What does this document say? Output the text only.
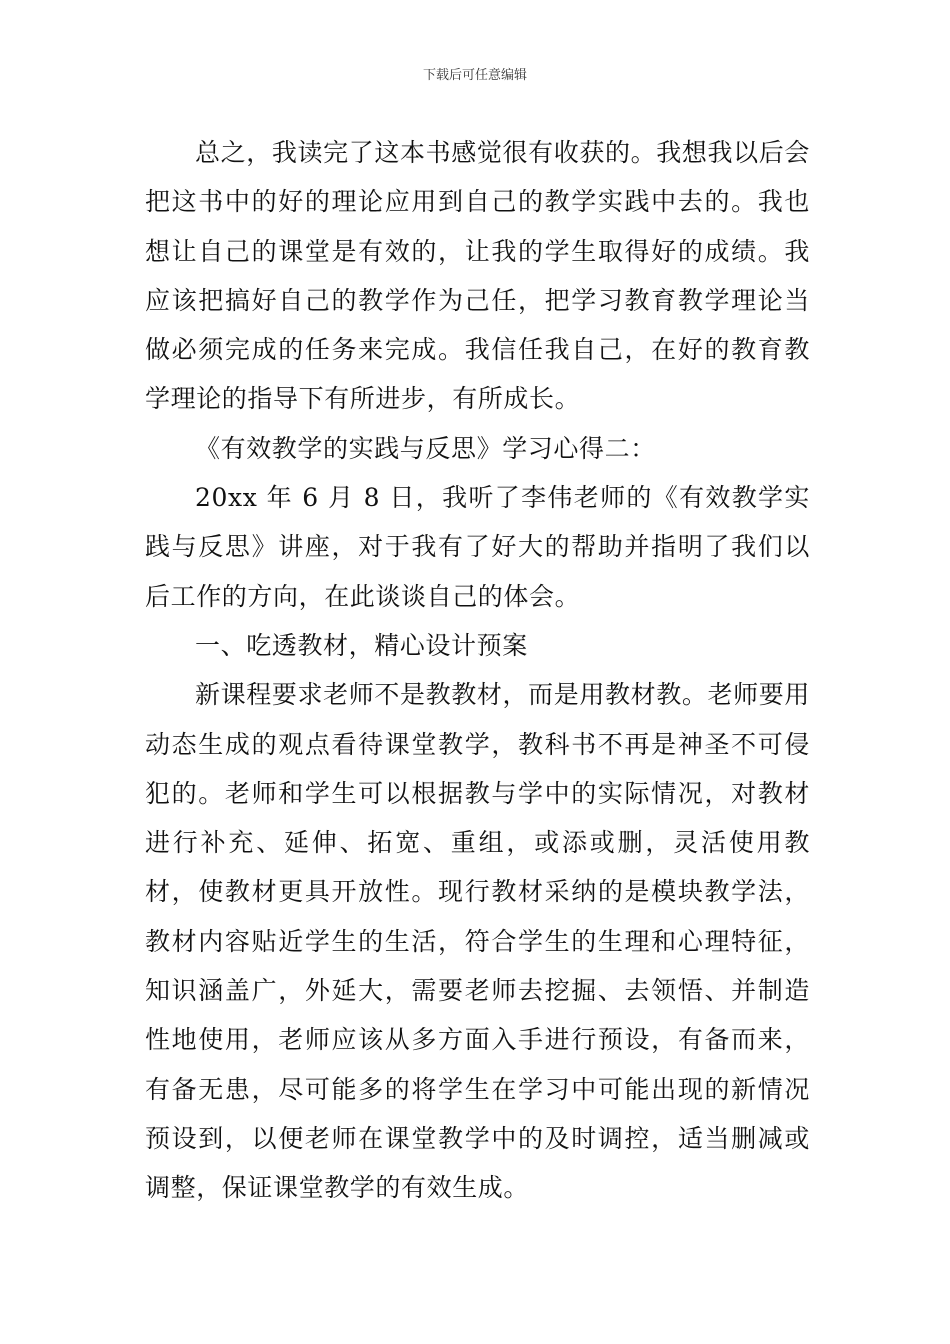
下载后可任意编辑

总之，我读完了这本书感觉很有收获的。我想我以后会把这书中的好的理论应用到自己的教学实践中去的。我也想让自己的课堂是有效的，让我的学生取得好的成绩。我应该把搞好自己的教学作为己任，把学习教育教学理论当做必须完成的任务来完成。我信任我自己，在好的教育教学理论的指导下有所进步，有所成长。

《有效教学的实践与反思》学习心得二：

20xx 年 6 月 8 日，我听了李伟老师的《有效教学实践与反思》讲座，对于我有了好大的帮助并指明了我们以后工作的方向，在此谈谈自己的体会。

一、吃透教材，精心设计预案

新课程要求老师不是教教材，而是用教材教。老师要用动态生成的观点看待课堂教学，教科书不再是神圣不可侵犯的。老师和学生可以根据教与学中的实际情况，对教材进行补充、延伸、拓宽、重组，或添或删，灵活使用教材，使教材更具开放性。现行教材采纳的是模块教学法，教材内容贴近学生的生活，符合学生的生理和心理特征，知识涵盖广，外延大，需要老师去挖掘、去领悟、并制造性地使用，老师应该从多方面入手进行预设，有备而来，有备无患，尽可能多的将学生在学习中可能出现的新情况预设到，以便老师在课堂教学中的及时调控，适当删减或调整，保证课堂教学的有效生成。
